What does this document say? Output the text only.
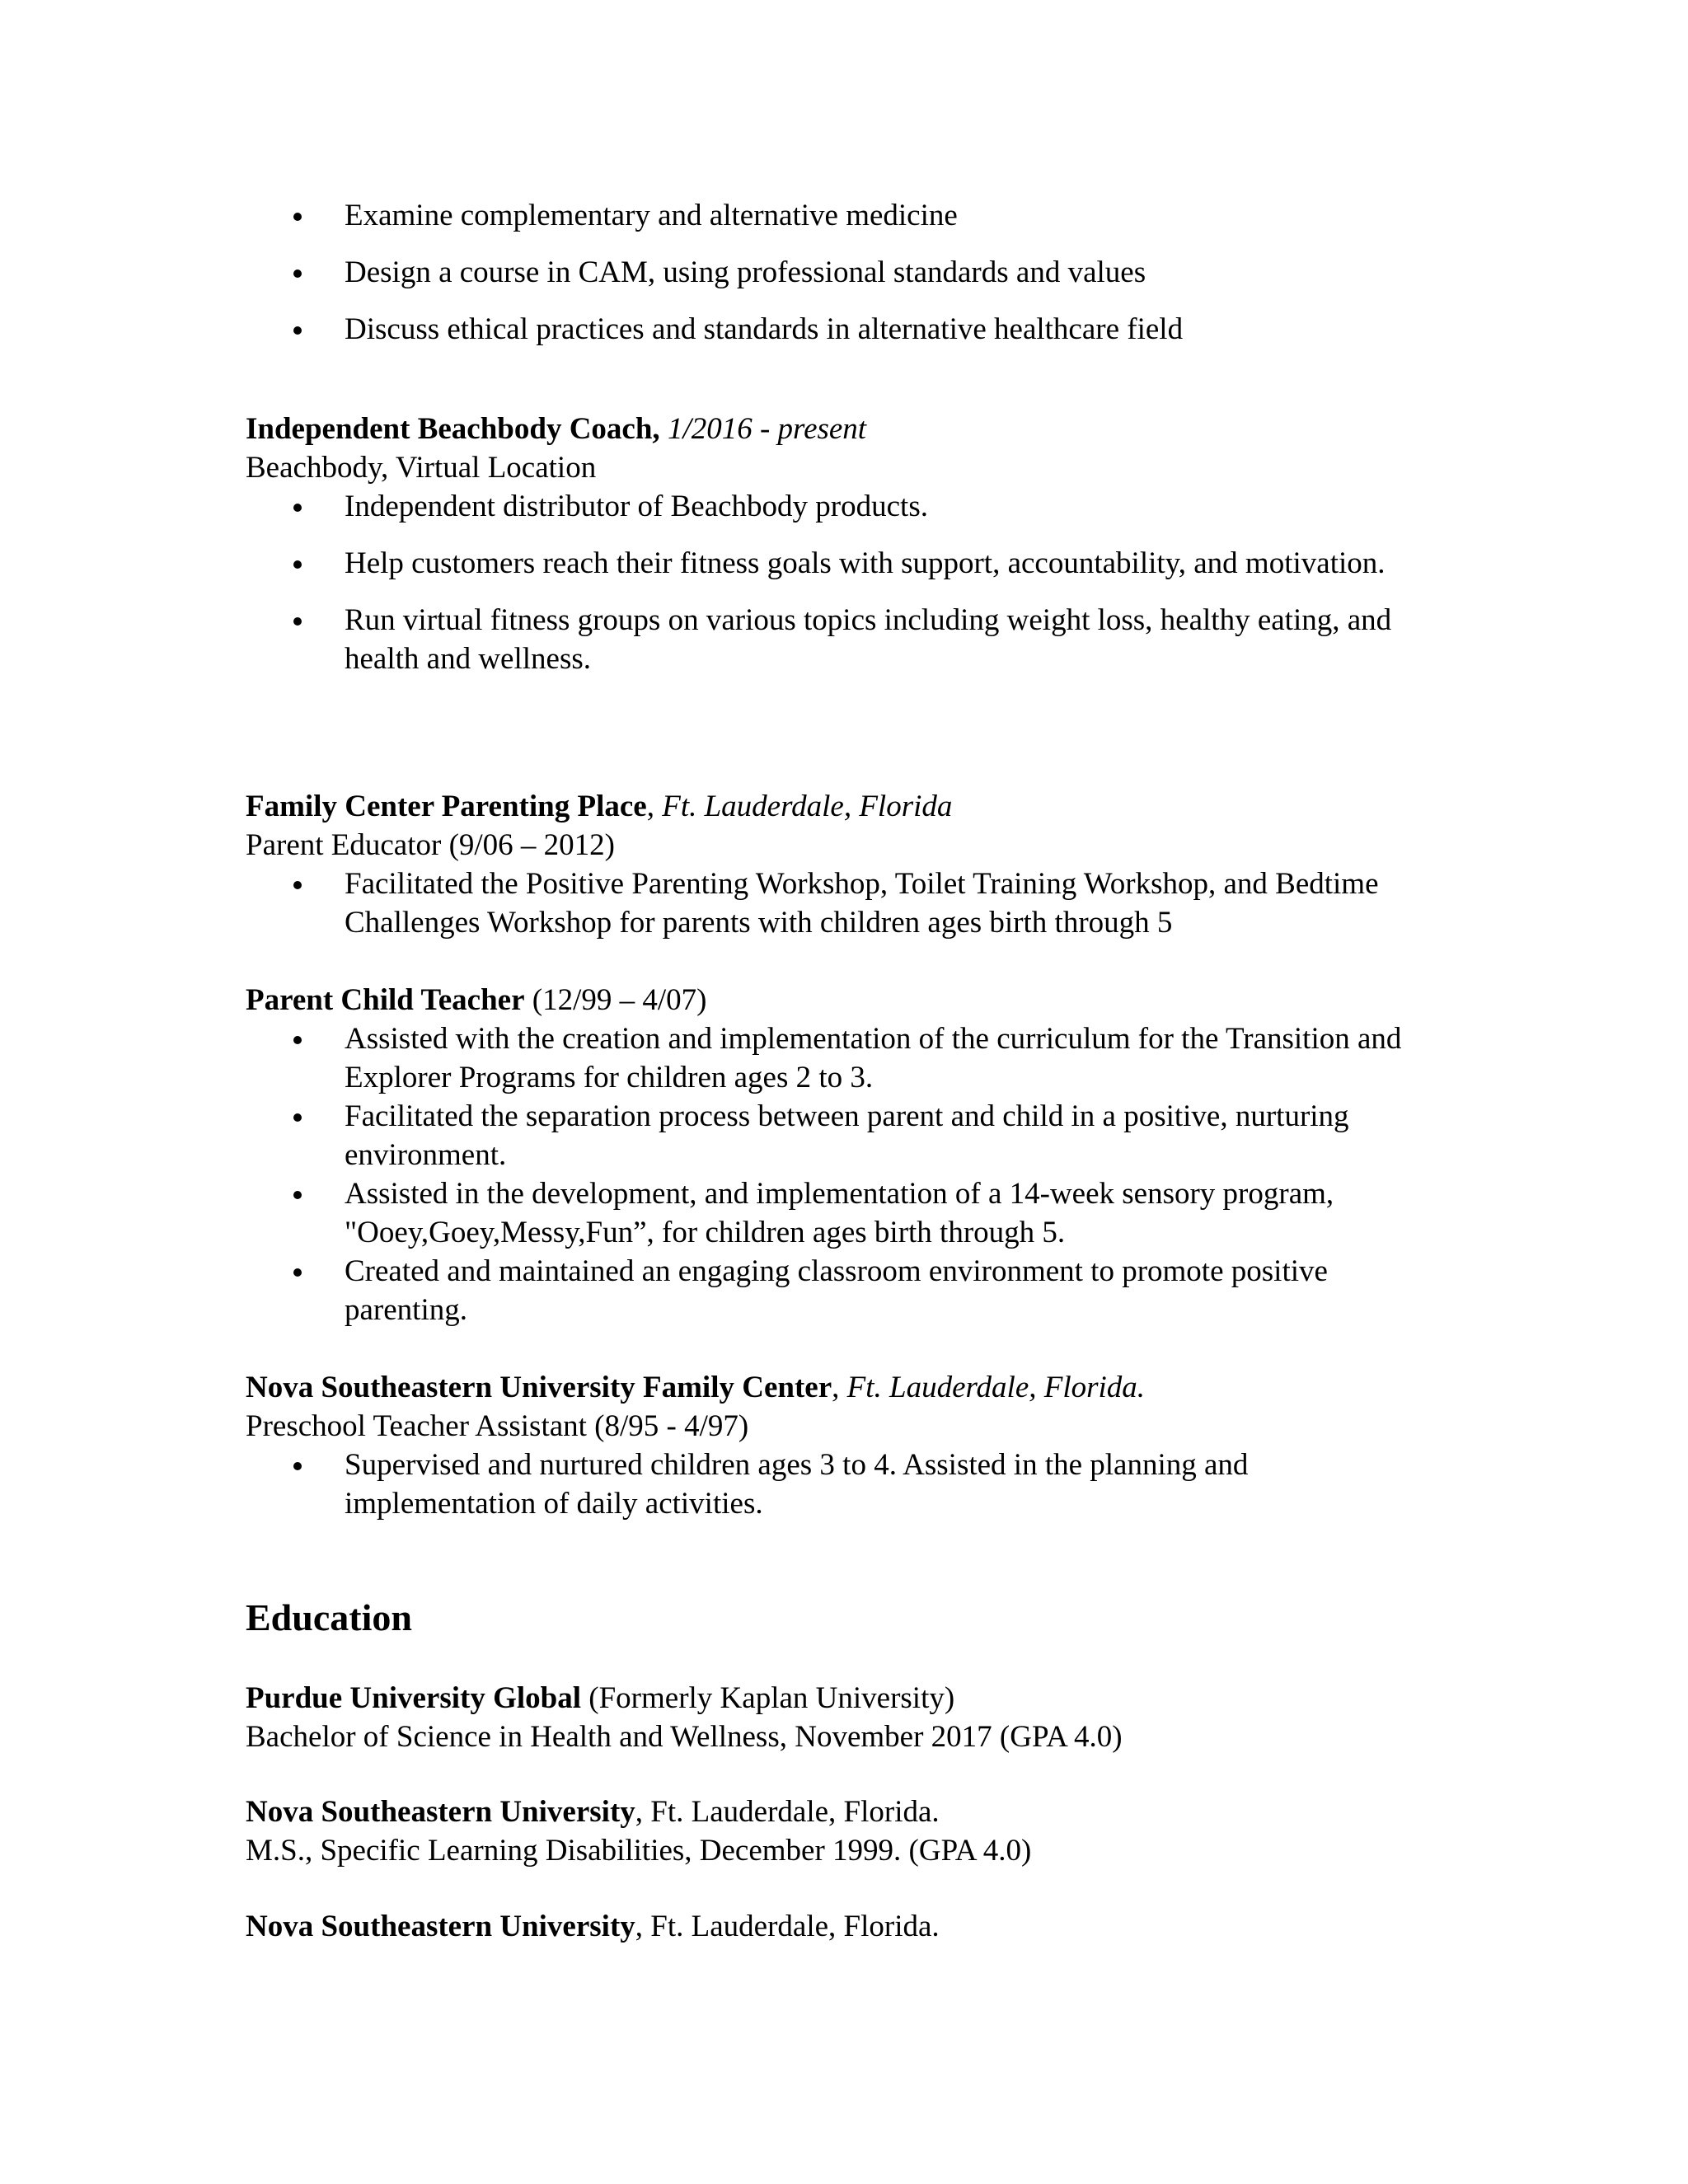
Examine complementary and alternative medicine
Design a course in CAM, using professional standards and values
Discuss ethical practices and standards in alternative healthcare field
Independent Beachbody Coach, 1/2016 - present
Beachbody, Virtual Location
Independent distributor of Beachbody products.
Help customers reach their fitness goals with support, accountability, and motivation.
Run virtual fitness groups on various topics including weight loss, healthy eating, and health and wellness.
Family Center Parenting Place, Ft. Lauderdale, Florida
Parent Educator (9/06 – 2012)
Facilitated the Positive Parenting Workshop, Toilet Training Workshop, and Bedtime Challenges Workshop for parents with children ages birth through 5
Parent Child Teacher (12/99 – 4/07)
Assisted with the creation and implementation of the curriculum for the Transition and Explorer Programs for children ages 2 to 3.
Facilitated the separation process between parent and child in a positive, nurturing environment.
Assisted in the development, and implementation of a 14-week sensory program, "Ooey,Goey,Messy,Fun”, for children ages birth through 5.
Created and maintained an engaging classroom environment to promote positive parenting.
Nova Southeastern University Family Center, Ft. Lauderdale, Florida.
Preschool Teacher Assistant (8/95 - 4/97)
Supervised and nurtured children ages 3 to 4. Assisted in the planning and implementation of daily activities.
Education
Purdue University Global (Formerly Kaplan University)
Bachelor of Science in Health and Wellness, November 2017 (GPA 4.0)
Nova Southeastern University, Ft. Lauderdale, Florida.
M.S., Specific Learning Disabilities, December 1999. (GPA 4.0)
Nova Southeastern University, Ft. Lauderdale, Florida.
